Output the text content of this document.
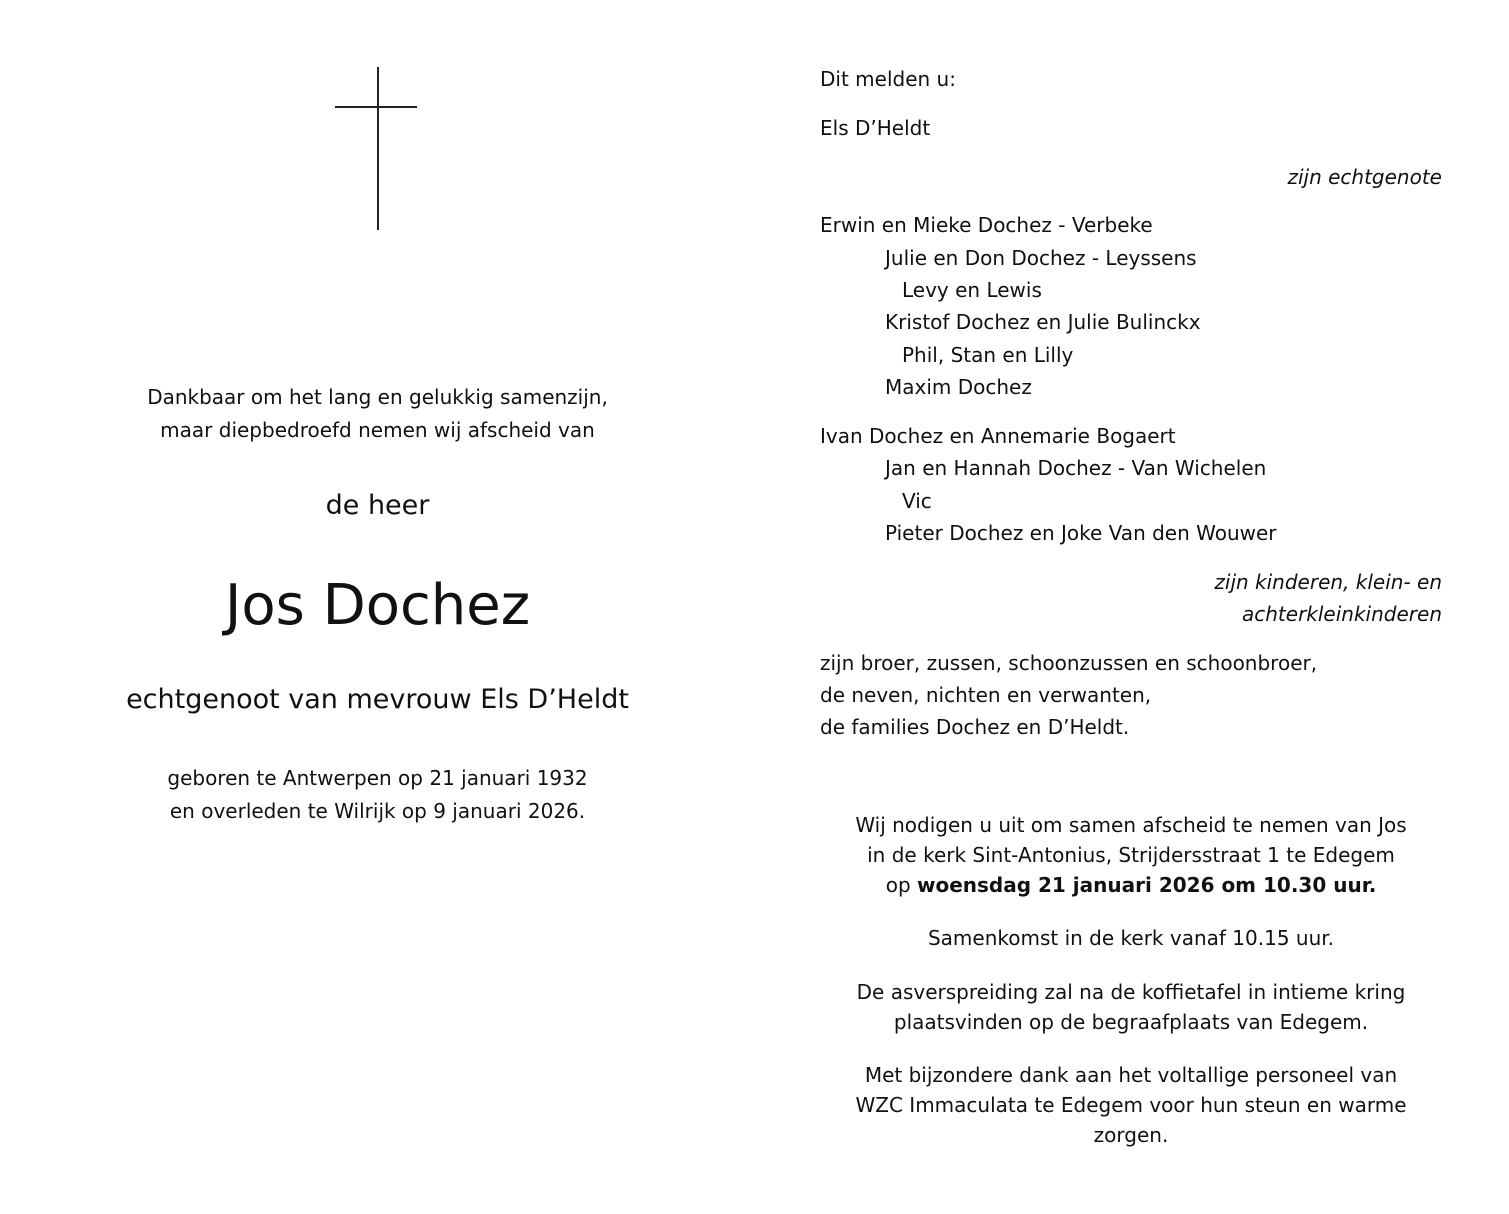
Dankbaar om het lang en gelukkig samenzijn,
maar diepbedroefd nemen wij afscheid van
de heer
Jos Dochez
echtgenoot van mevrouw Els D’Heldt
geboren te Antwerpen op 21 januari 1932
en overleden te Wilrijk op 9 januari 2026.
Dit melden u:
Els D’Heldt
zijn echtgenote
Erwin en Mieke Dochez - Verbeke
Julie en Don Dochez - Leyssens
Levy en Lewis
Kristof Dochez en Julie Bulinckx
Phil, Stan en Lilly
Maxim Dochez
Ivan Dochez en Annemarie Bogaert
Jan en Hannah Dochez - Van Wichelen
Vic
Pieter Dochez en Joke Van den Wouwer
zijn kinderen, klein- en
achterkleinkinderen
zijn broer, zussen, schoonzussen en schoonbroer,
de neven, nichten en verwanten,
de families Dochez en D’Heldt.
Wij nodigen u uit om samen afscheid te nemen van Jos
in de kerk Sint-Antonius, Strijdersstraat 1 te Edegem
op woensdag 21 januari 2026 om 10.30 uur.
Samenkomst in de kerk vanaf 10.15 uur.
De asverspreiding zal na de koffietafel in intieme kring
plaatsvinden op de begraafplaats van Edegem.
Met bijzondere dank aan het voltallige personeel van
WZC Immaculata te Edegem voor hun steun en warme zorgen.
